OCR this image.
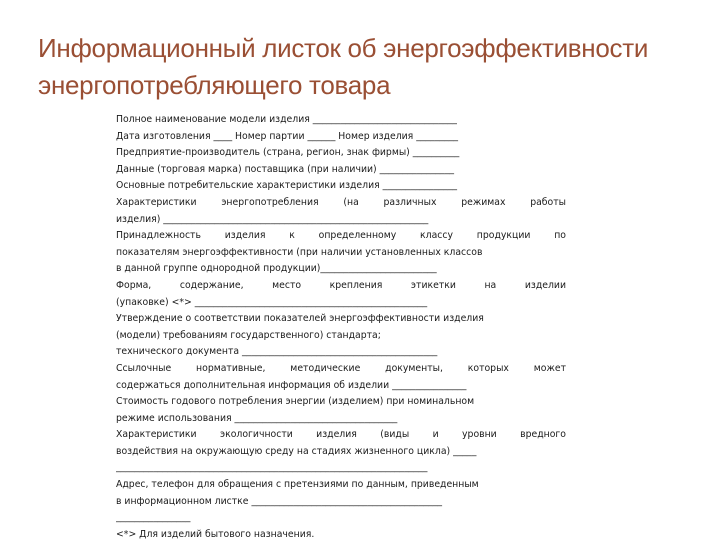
Информационный листок об энергоэффективности
энергопотребляющего товара
Полное наименование модели изделия _______________________________
Дата изготовления ____ Номер партии ______ Номер изделия _________
Предприятие-производитель (страна, регион, знак фирмы) __________
Данные (торговая марка) поставщика (при наличии) ________________
Основные потребительские характеристики изделия ________________
Характеристики энергопотребления (на различных режимах работы
изделия) _________________________________________________________
Принадлежность изделия к определенному классу продукции по
показателям энергоэффективности (при наличии установленных классов
в данной группе однородной продукции)_________________________
Форма, содержание, место крепления этикетки на изделии
(упаковке) <*> __________________________________________________
Утверждение о соответствии показателей энергоэффективности изделия
(модели) требованиям государственного) стандарта;
технического документа __________________________________________
Ссылочные нормативные, методические документы, которых может
содержаться дополнительная информация об изделии ________________
Стоимость годового потребления энергии (изделием) при номинальном
режиме использования ___________________________________
Характеристики экологичности изделия (виды и уровни вредного
воздействия на окружающую среду на стадиях жизненного цикла) _____
___________________________________________________________________
Адрес, телефон для обращения с претензиями по данным, приведенным
в информационном листке _________________________________________
________________
<*> Для изделий бытового назначения.
